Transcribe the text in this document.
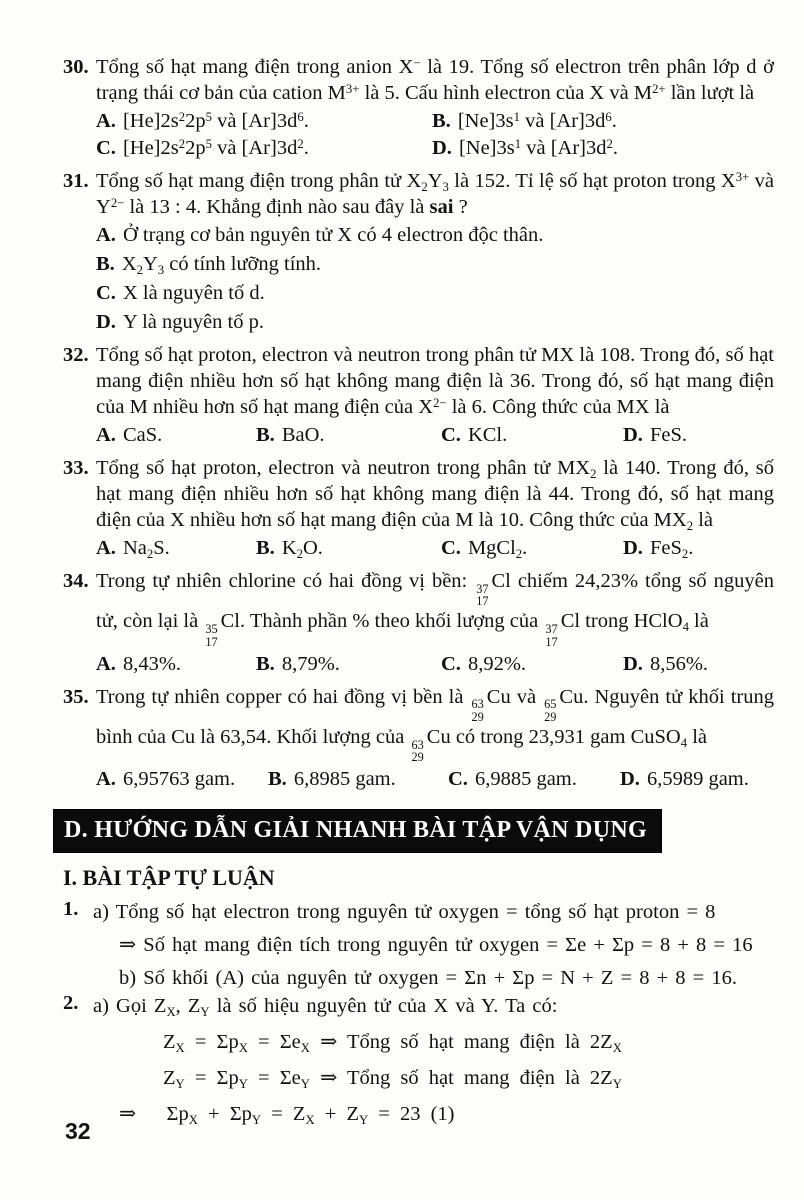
30. Tổng số hạt mang điện trong anion X− là 19. Tổng số electron trên phân lớp d ở trạng thái cơ bản của cation $M^{3+}$ là 5. Cấu hình electron của X và $M^{2+}$ lần lượt là
A. $[He]2s^22p^5$ và $[Ar]3d^6$.	B. $[Ne]3s^1$ và $[Ar]3d^6$.
C. $[He]2s^22p^5$ và $[Ar]3d^2$.	D. $[Ne]3s^1$ và $[Ar]3d^2$.
31. Tổng số hạt mang điện trong phân tử $X_2Y_3$ là 152. Tỉ lệ số hạt proton trong $X^{3+}$ và $Y^{2-}$ là 13 : 4. Khẳng định nào sau đây là sai ?
A. Ở trạng cơ bản nguyên tử X có 4 electron độc thân.
B. $X_2Y_3$ có tính lưỡng tính.
C. X là nguyên tố d.
D. Y là nguyên tố p.
32. Tổng số hạt proton, electron và neutron trong phân tử MX là 108. Trong đó, số hạt mang điện nhiều hơn số hạt không mang điện là 36. Trong đó, số hạt mang điện của M nhiều hơn số hạt mang điện của $X^{2-}$ là 6. Công thức của MX là
A. CaS.	B. BaO.	C. KCl.	D. FeS.
33. Tổng số hạt proton, electron và neutron trong phân tử $MX_2$ là 140. Trong đó, số hạt mang điện nhiều hơn số hạt không mang điện là 44. Trong đó, số hạt mang điện của X nhiều hơn số hạt mang điện của M là 10. Công thức của $MX_2$ là
A. $Na_2S$.	B. $K_2O$.	C. MgCl$_2$.	D. FeS$_2$.
34. Trong tự nhiên chlorine có hai đồng vị bền: 37
17
Cl chiếm 24,23% tổng số nguyên tử, còn lại là 35
17
Cl. Thành phần % theo khối lượng của 37
17
Cl trong HClO$_4$ là
A. 8,43%.	B. 8,79%.	C. 8,92%.	D. 8,56%.
35. Trong tự nhiên copper có hai đồng vị bền là 63
29
Cu và 65
29
Cu. Nguyên tử khối trung bình của Cu là 63,54. Khối lượng của 63
29
Cu có trong 23,931 gam CuSO$_4$ là
A. 6,95763 gam.	B. 6,8985 gam.	C. 6,9885 gam.	D. 6,5989 gam.
D. HƯỚNG DẪN GIẢI NHANH BÀI TẬP VẬN DỤNG
I. BÀI TẬP TỰ LUẬN
1. a) Tổng số hạt electron trong nguyên tử oxygen = tổng số hạt proton = 8
⇒ Số hạt mang điện tích trong nguyên tử oxygen = Σe + Σp = 8 + 8 = 16
b) Số khối (A) của nguyên tử oxygen = Σn + Σp = N + Z = 8 + 8 = 16.
2. a) Gọi $Z_X$, $Z_Y$ là số hiệu nguyên tử của X và Y. Ta có:
$Z_X = \Sigma p_X = \Sigma e_X$ ⇒ Tổng số hạt mang điện là $2Z_X$
$Z_Y = \Sigma p_Y = \Sigma e_Y$ ⇒ Tổng số hạt mang điện là $2Z_Y$
⇒   $\Sigma p_X + \Sigma p_Y = Z_X + Z_Y = 23$ (1)
32
